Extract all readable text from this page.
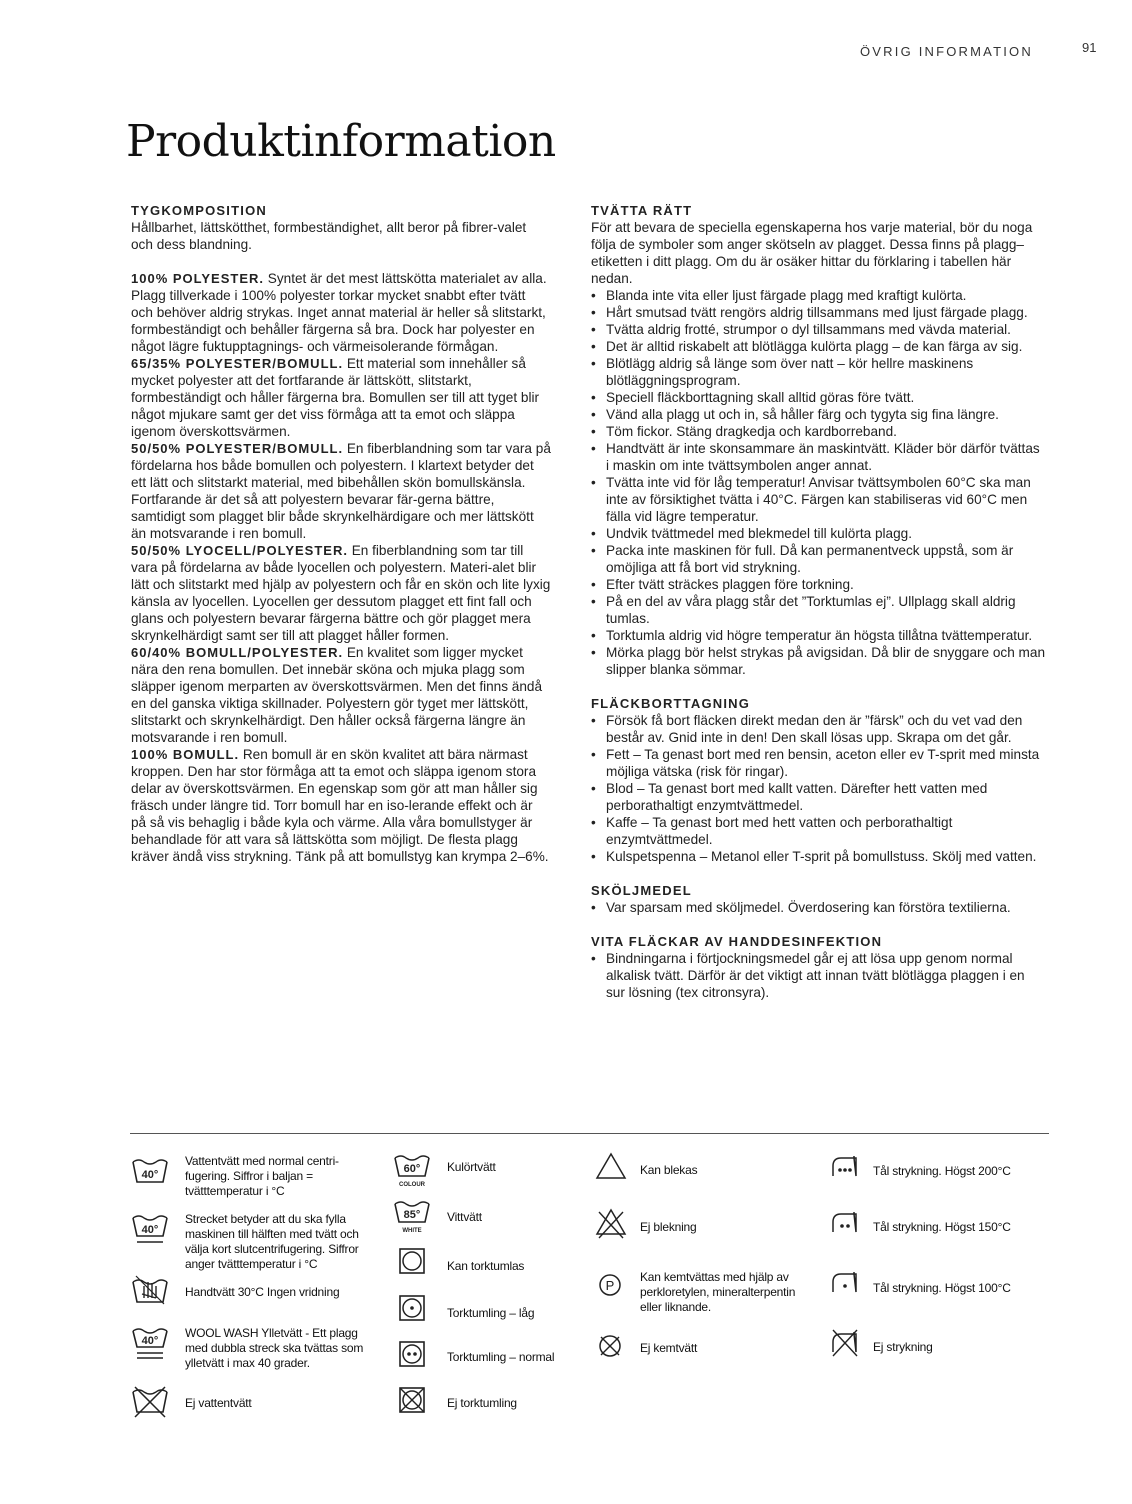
ÖVRIG INFORMATION	91
Produktinformation

TYGKOMPOSITION

Hållbarhet, lättskötthet, formbeständighet, allt beror på fibrer-valet och dess blandning.

100% POLYESTER. Syntet är det mest lättskötta materialet av alla. Plagg tillverkade i 100% polyester torkar mycket snabbt efter tvätt och behöver aldrig strykas. Inget annat material är heller så slitstarkt, formbeständigt och behåller färgerna så bra. Dock har polyester en något lägre fuktupptagnings- och värmeisolerande förmågan.

65/35% POLYESTER/BOMULL. Ett material som innehåller så mycket polyester att det fortfarande är lättskött, slitstarkt, formbeständigt och håller färgerna bra. Bomullen ser till att tyget blir något mjukare samt ger det viss förmåga att ta emot och släppa igenom överskottsvärmen.

50/50% POLYESTER/BOMULL. En fiberblandning som tar vara på fördelarna hos både bomullen och polyestern. I klartext betyder det ett lätt och slitstarkt material, med bibehållen skön bomullskänsla. Fortfarande är det så att polyestern bevarar fär-gerna bättre, samtidigt som plagget blir både skrynkelhärdigare och mer lättskött än motsvarande i ren bomull.

50/50% LYOCELL/POLYESTER. En fiberblandning som tar till vara på fördelarna av både lyocellen och polyestern. Materi-alet blir lätt och slitstarkt med hjälp av polyestern och får en skön och lite lyxig känsla av lyocellen. Lyocellen ger dessutom plagget ett fint fall och glans och polyestern bevarar färgerna bättre och gör plagget mera skrynkelhärdigt samt ser till att plagget håller formen.

60/40% BOMULL/POLYESTER. En kvalitet som ligger mycket nära den rena bomullen. Det innebär sköna och mjuka plagg som släpper igenom merparten av överskottsvärmen. Men det finns ändå en del ganska viktiga skillnader. Polyestern gör tyget mer lättskött, slitstarkt och skrynkelhärdigt. Den håller också färgerna längre än motsvarande i ren bomull.

100% BOMULL. Ren bomull är en skön kvalitet att bära närmast kroppen. Den har stor förmåga att ta emot och släppa igenom stora delar av överskottsvärmen. En egenskap som gör att man håller sig fräsch under längre tid. Torr bomull har en iso-lerande effekt och är på så vis behaglig i både kyla och värme. Alla våra bomullstyger är behandlade för att vara så lättskötta som möjligt. De flesta plagg kräver ändå viss strykning. Tänk på att bomullstyg kan krympa 2–6%.

TVÄTTA RÄTT

För att bevara de speciella egenskaperna hos varje material, bör du noga följa de symboler som anger skötseln av plagget. Dessa finns på plagg–etiketten i ditt plagg. Om du är osäker hittar du förklaring i tabellen här nedan.

• Blanda inte vita eller ljust färgade plagg med kraftigt kulörta.
• Hårt smutsad tvätt rengörs aldrig tillsammans med ljust färgade plagg.
• Tvätta aldrig frotté, strumpor o dyl tillsammans med vävda material.
• Det är alltid riskabelt att blötlägga kulörta plagg – de kan färga av sig.
• Blötlägg aldrig så länge som över natt – kör hellre maskinens blötläggningsprogram.
• Speciell fläckborttagning skall alltid göras före tvätt.
• Vänd alla plagg ut och in, så håller färg och tygyta sig fina längre.
• Töm fickor. Stäng dragkedja och kardborreband.
• Handtvätt är inte skonsammare än maskintvätt. Kläder bör därför tvättas i maskin om inte tvättsymbolen anger annat.
• Tvätta inte vid för låg temperatur! Anvisar tvättsymbolen 60°C ska man inte av försiktighet tvätta i 40°C. Färgen kan stabiliseras vid 60°C men fälla vid lägre temperatur.
• Undvik tvättmedel med blekmedel till kulörta plagg.
• Packa inte maskinen för full. Då kan permanentveck uppstå, som är omöjliga att få bort vid strykning.
• Efter tvätt sträckes plaggen före torkning.
• På en del av våra plagg står det ”Torktumlas ej”. Ullplagg skall aldrig tumlas.
• Torktumla aldrig vid högre temperatur än högsta tillåtna tvättemperatur.
• Mörka plagg bör helst strykas på avigsidan. Då blir de snyggare och man slipper blanka sömmar.

FLÄCKBORTTAGNING

• Försök få bort fläcken direkt medan den är ”färsk” och du vet vad den består av. Gnid inte in den! Den skall lösas upp. Skrapa om det går.
• Fett – Ta genast bort med ren bensin, aceton eller ev T-sprit med minsta möjliga vätska (risk för ringar).
• Blod – Ta genast bort med kallt vatten. Därefter hett vatten med perborathaltigt enzymtvättmedel.
• Kaffe – Ta genast bort med hett vatten och perborathaltigt enzymtvättmedel.
• Kulspetspenna – Metanol eller T-sprit på bomullstuss. Skölj med vatten.

SKÖLJMEDEL

• Var sparsam med sköljmedel. Överdosering kan förstöra textilierna.

VITA FLÄCKAR AV HANDDESINFEKTION

• Bindningarna i förtjockningsmedel går ej att lösa upp genom normal alkalisk tvätt. Därför är det viktigt att innan tvätt blötlägga plaggen i en sur lösning (tex citronsyra).
40°
Vattentvätt med normal centri-fugering. Siffror i baljan = tvätttemperatur i °C
40°
Strecket betyder att du ska fylla maskinen till hälften med tvätt och välja kort slutcentrifugering. Siffror anger tvätttemperatur i °C
Handtvätt 30°C Ingen vridning
40°
WOOL WASH Ylletvätt - Ett plagg med dubbla streck ska tvättas som ylletvätt i max 40 grader.
Ej vattentvätt
60°
COLOUR
Kulörtvätt
85°
WHITE
Vittvätt
Kan torktumlas
Torktumling – låg
Torktumling – normal
Ej torktumling
Kan blekas
Ej blekning
P
Kan kemtvättas med hjälp av perkloretylen, mineralterpentin eller liknande.
Ej kemtvätt
Tål strykning. Högst 200°C
Tål strykning. Högst 150°C
Tål strykning. Högst 100°C
Ej strykning
